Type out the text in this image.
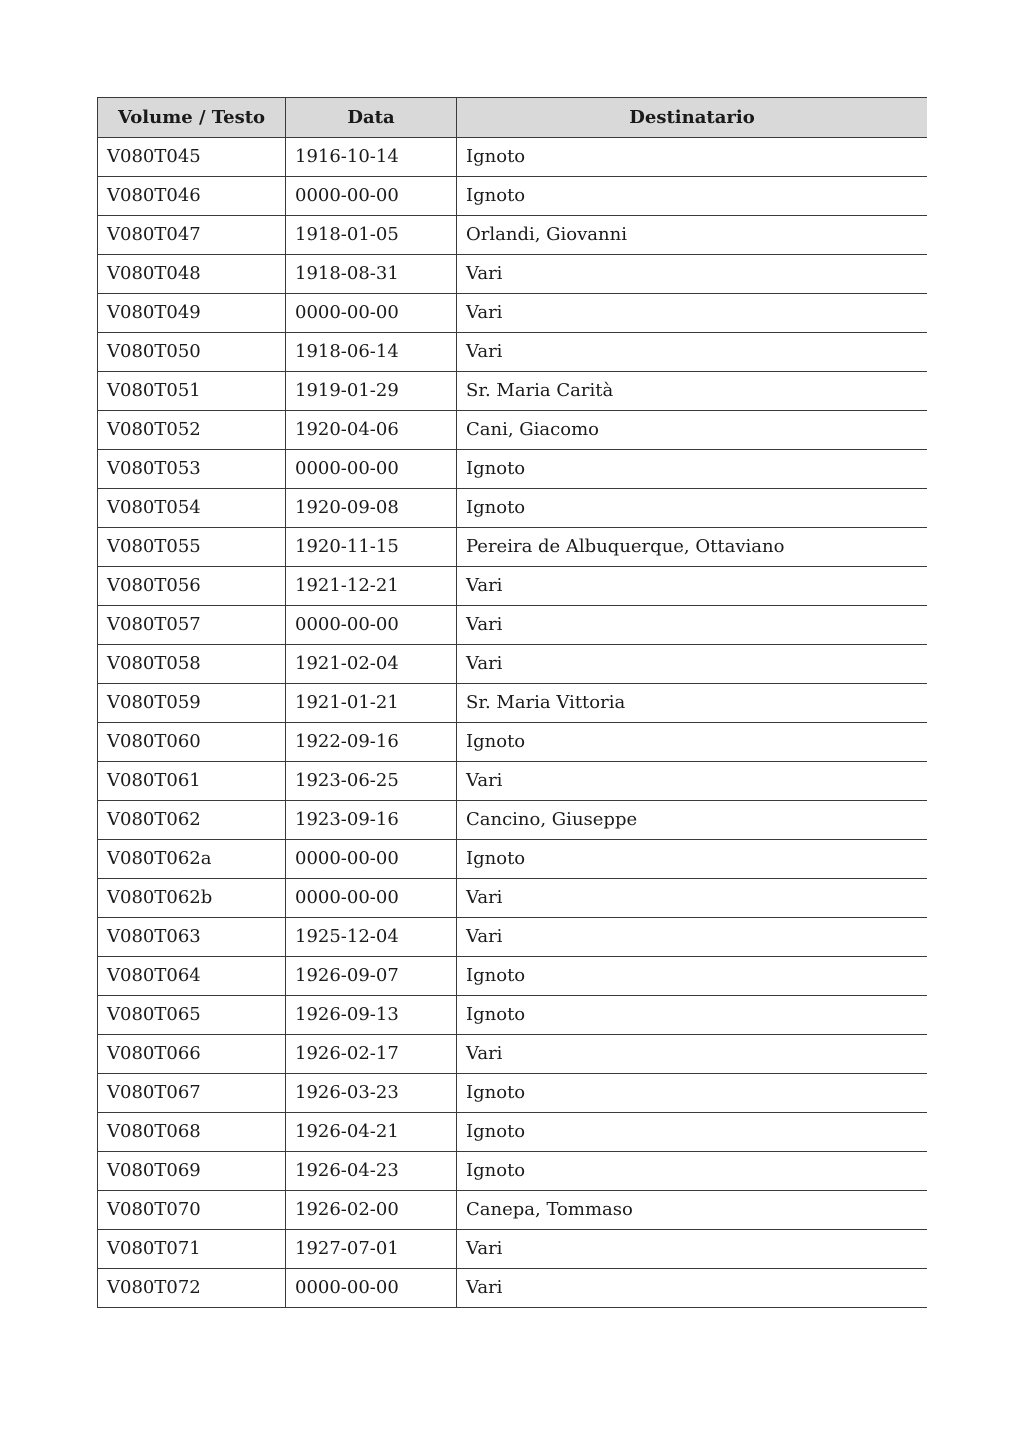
Volume / Testo	Data	Destinatario
V080T045	1916-10-14	Ignoto
V080T046	0000-00-00	Ignoto
V080T047	1918-01-05	Orlandi, Giovanni
V080T048	1918-08-31	Vari
V080T049	0000-00-00	Vari
V080T050	1918-06-14	Vari
V080T051	1919-01-29	Sr. Maria Carità
V080T052	1920-04-06	Cani, Giacomo
V080T053	0000-00-00	Ignoto
V080T054	1920-09-08	Ignoto
V080T055	1920-11-15	Pereira de Albuquerque, Ottaviano
V080T056	1921-12-21	Vari
V080T057	0000-00-00	Vari
V080T058	1921-02-04	Vari
V080T059	1921-01-21	Sr. Maria Vittoria
V080T060	1922-09-16	Ignoto
V080T061	1923-06-25	Vari
V080T062	1923-09-16	Cancino, Giuseppe
V080T062a	0000-00-00	Ignoto
V080T062b	0000-00-00	Vari
V080T063	1925-12-04	Vari
V080T064	1926-09-07	Ignoto
V080T065	1926-09-13	Ignoto
V080T066	1926-02-17	Vari
V080T067	1926-03-23	Ignoto
V080T068	1926-04-21	Ignoto
V080T069	1926-04-23	Ignoto
V080T070	1926-02-00	Canepa, Tommaso
V080T071	1927-07-01	Vari
V080T072	0000-00-00	Vari
